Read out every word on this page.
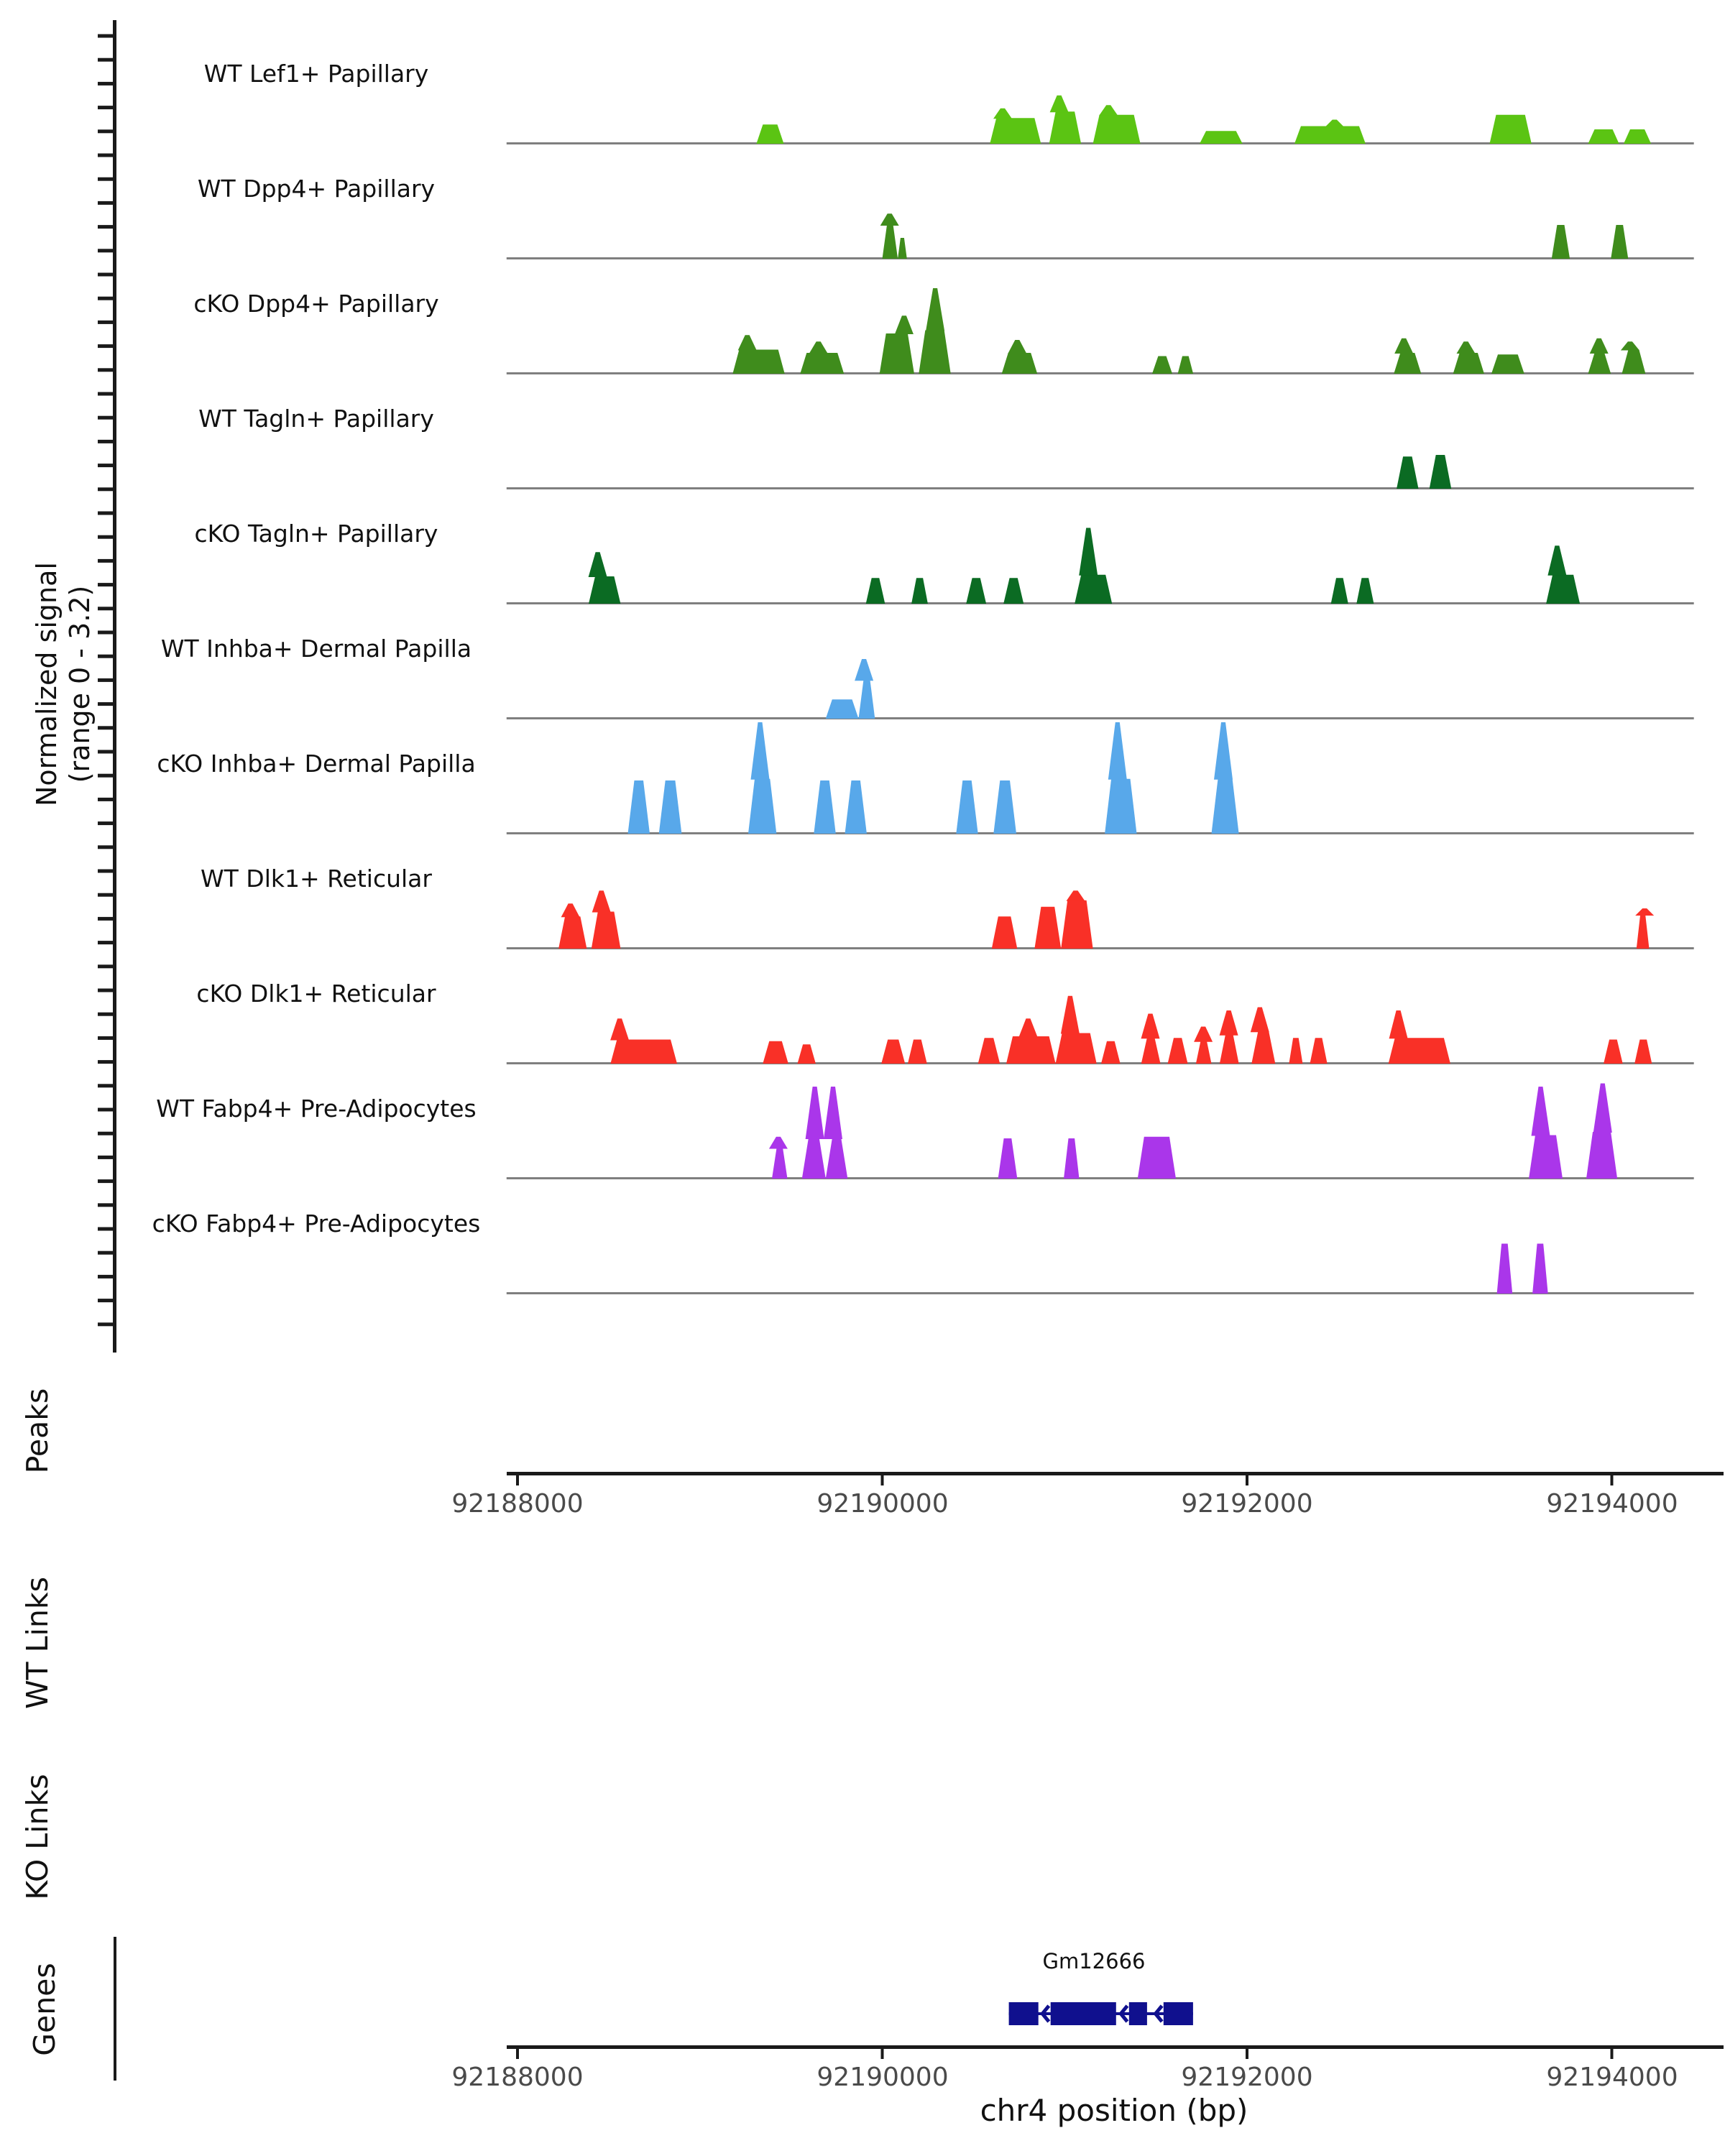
Normalized signal (range 0 - 3.2)
WT Lef1+ Papillary
WT Dpp4+ Papillary
cKO Dpp4+ Papillary
WT Tagln+ Papillary
cKO Tagln+ Papillary
WT Inhba+ Dermal Papilla
cKO Inhba+ Dermal Papilla
WT Dlk1+ Reticular
cKO Dlk1+ Reticular
WT Fabp4+ Pre-Adipocytes
cKO Fabp4+ Pre-Adipocytes
Peaks
WT Links
KO Links
Genes
92188000	92190000	92192000	92194000
92188000	92190000	92192000	92194000
Gm12666
chr4 position (bp)
